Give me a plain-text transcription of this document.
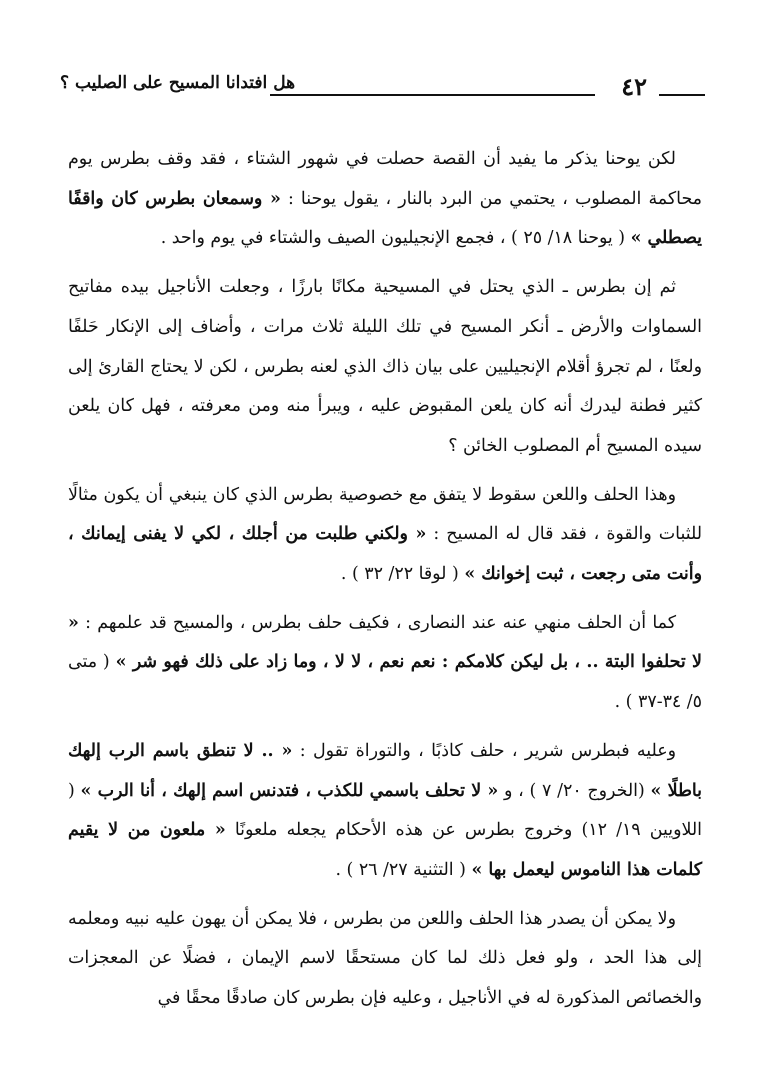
٤٢
هل افتدانا المسيح على الصليب ؟

لكن يوحنا يذكر ما يفيد أن القصة حصلت في شهور الشتاء ، فقد وقف بطرس يوم محاكمة المصلوب ، يحتمي من البرد بالنار ، يقول يوحنا : « وسمعان بطرس كان واقفًا يصطلي » ( يوحنا ١٨/ ٢٥ ) ، فجمع الإنجيليون الصيف والشتاء في يوم واحد .

ثم إن بطرس ـ الذي يحتل في المسيحية مكانًا بارزًا ، وجعلت الأناجيل بيده مفاتيح السماوات والأرض ـ أنكر المسيح في تلك الليلة ثلاث مرات ، وأضاف إلى الإنكار حَلفًا ولعنًا ، لم تجرؤ أقلام الإنجيليين على بيان ذاك الذي لعنه بطرس ، لكن لا يحتاج القارئ إلى كثير فطنة ليدرك أنه كان يلعن المقبوض عليه ، ويبرأ منه ومن معرفته ، فهل كان يلعن سيده المسيح أم المصلوب الخائن ؟

وهذا الحلف واللعن سقوط لا يتفق مع خصوصية بطرس الذي كان ينبغي أن يكون مثالًا للثبات والقوة ، فقد قال له المسيح : « ولكني طلبت من أجلك ، لكي لا يفنى إيمانك ، وأنت متى رجعت ، ثبت إخوانك » ( لوقا ٢٢/ ٣٢ ) .

كما أن الحلف منهي عنه عند النصارى ، فكيف حلف بطرس ، والمسيح قد علمهم : « لا تحلفوا البتة .. ، بل ليكن كلامكم : نعم نعم ، لا لا ، وما زاد على ذلك فهو شر » ( متى ٥/ ٣٤-٣٧ ) .

وعليه فبطرس شرير ، حلف كاذبًا ، والتوراة تقول : « .. لا تنطق باسم الرب إلهك باطلًا » (الخروج ٢٠/ ٧ ) ، و « لا تحلف باسمي للكذب ، فتدنس اسم إلهك ، أنا الرب » ( اللاويين ١٩/ ١٢) وخروج بطرس عن هذه الأحكام يجعله ملعونًا « ملعون من لا يقيم كلمات هذا الناموس ليعمل بها » ( التثنية ٢٧/ ٢٦ ) .

ولا يمكن أن يصدر هذا الحلف واللعن من بطرس ، فلا يمكن أن يهون عليه نبيه ومعلمه إلى هذا الحد ، ولو فعل ذلك لما كان مستحقًا لاسم الإيمان ، فضلًا عن المعجزات والخصائص المذكورة له في الأناجيل ، وعليه فإن بطرس كان صادقًا محقًا في
